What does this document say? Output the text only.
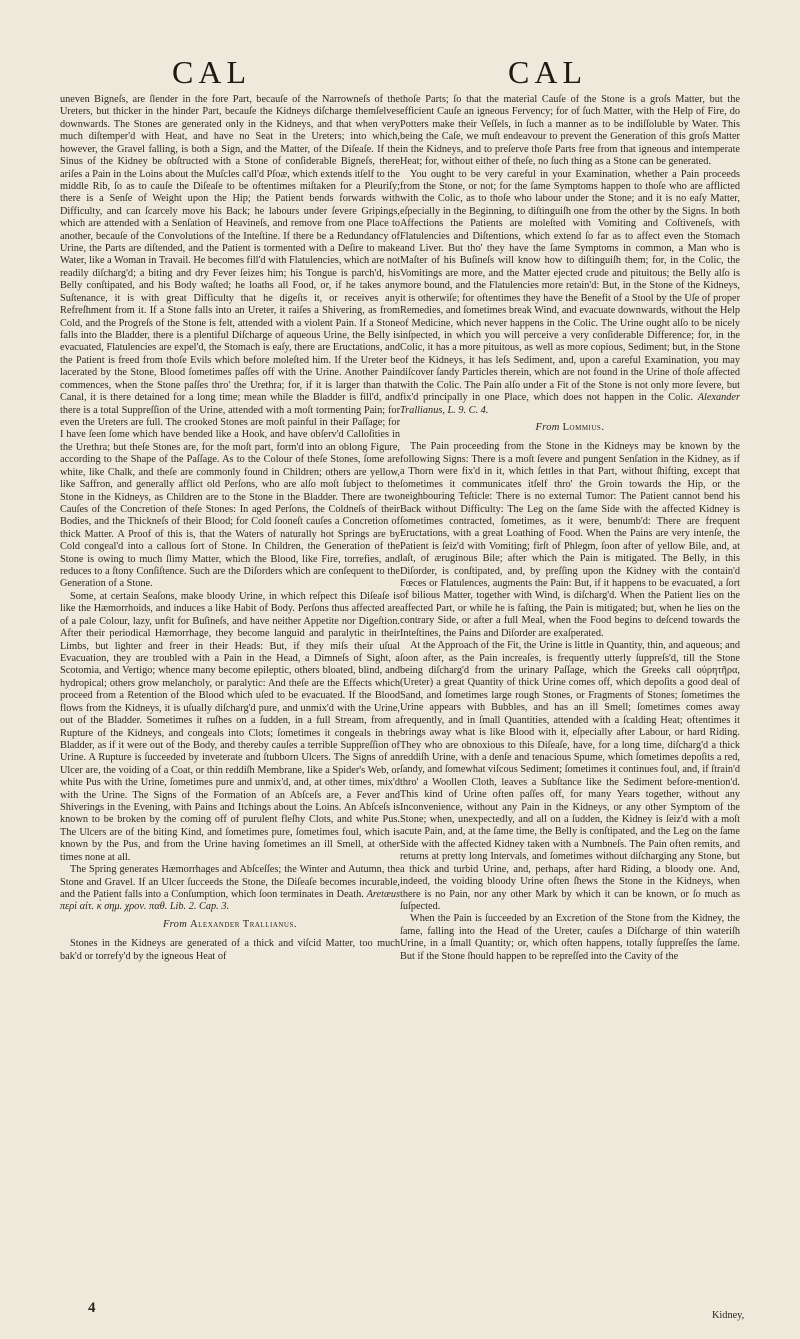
CAL	CAL

uneven Bigneſs, are ſlender in the fore Part, becauſe of the Narrowneſs of the Ureters, but thicker in the hinder Part, becauſe the Kidneys diſcharge themſelves downwards. The Stones are generated only in the Kidneys, and that when very much diſtemper'd with Heat, and have no Seat in the Ureters; into which, however, the Gravel falling, is both a Sign, and the Matter, of the Diſeaſe. If the Sinus of the Kidney be obſtructed with a Stone of conſiderable Bigneſs, there ariſes a Pain in the Loins about the Muſcles call'd Pſoæ, which extends itſelf to the middle Rib, ſo as to cauſe the Diſeaſe to be oftentimes miſtaken for a Pleuriſy; there is a Senſe of Weight upon the Hip; the Patient bends forwards with Difficulty, and can ſcarcely move his Back; he labours under ſevere Gripings, which are attended with a Senſation of Heavineſs, and remove from one Place to another, becauſe of the Convolutions of the Inteſtine. If there be a Redundancy of Urine, the Parts are diſtended, and the Patient is tormented with a Deſire to make Water, like a Woman in Travail. He becomes fill'd with Flatulencies, which are not readily diſcharg'd; a biting and dry Fever ſeizes him; his Tongue is parch'd, his Belly conſtipated, and his Body waſted; he loaths all Food, or, if he takes any Suſtenance, it is with great Difficulty that he digeſts it, or receives any Refreſhment from it. If a Stone falls into an Ureter, it raiſes a Shivering, as from Cold, and the Progreſs of the Stone is felt, attended with a violent Pain. If a Stone falls into the Bladder, there is a plentiful Diſcharge of aqueous Urine, the Belly is evacuated, Flatulencies are expel'd, the Stomach is eaſy, there are Eructations, and the Patient is freed from thoſe Evils which before moleſted him. If the Ureter be lacerated by the Stone, Blood ſometimes paſſes off with the Urine. Another Pain commences, when the Stone paſſes thro' the Urethra; for, if it is larger than that Canal, it is there detained for a long time; mean while the Bladder is fill'd, and there is a total Suppreſſion of the Urine, attended with a moſt tormenting Pain; for even the Ureters are full. The crooked Stones are moſt painful in their Paſſage; for I have ſeen ſome which have bended like a Hook, and have obſerv'd Calloſities in the Urethra; but theſe Stones are, for the moſt part, form'd into an oblong Figure, according to the Shape of the Paſſage. As to the Colour of theſe Stones, ſome are white, like Chalk, and theſe are commonly found in Children; others are yellow, like Saffron, and generally afflict old Perſons, who are alſo moſt ſubject to the Stone in the Kidneys, as Children are to the Stone in the Bladder. There are two Cauſes of the Concretion of theſe Stones: In aged Perſons, the Coldneſs of their Bodies, and the Thickneſs of their Blood; for Cold ſooneſt cauſes a Concretion of thick Matter. A Proof of this is, that the Waters of naturally hot Springs are by Cold congeal'd into a callous ſort of Stone. In Children, the Generation of the Stone is owing to much ſlimy Matter, which the Blood, like Fire, torrefies, and reduces to a ſtony Conſiſtence. Such are the Diſorders which are conſequent to the Generation of a Stone.

Some, at certain Seaſons, make bloody Urine, in which reſpect this Diſeaſe is like the Hæmorrhoids, and induces a like Habit of Body. Perſons thus affected are of a pale Colour, lazy, unfit for Buſineſs, and have neither Appetite nor Digeſtion. After their periodical Hæmorrhage, they become languid and paralytic in their Limbs, but lighter and freer in their Heads: But, if they miſs their uſual Evacuation, they are troubled with a Pain in the Head, a Dimneſs of Sight, a Scotomia, and Vertigo; whence many become epileptic, others bloated, blind, and hydropical; others grow melancholy, or paralytic: And theſe are the Effects which proceed from a Retention of the Blood which uſed to be evacuated. If the Blood flows from the Kidneys, it is uſually diſcharg'd pure, and unmix'd with the Urine, out of the Bladder. Sometimes it ruſhes on a ſudden, in a full Stream, from a Rupture of the Kidneys, and congeals into Clots; ſometimes it congeals in the Bladder, as if it were out of the Body, and thereby cauſes a terrible Suppreſſion of Urine. A Rupture is ſucceeded by inveterate and ſtubborn Ulcers. The Signs of an Ulcer are, the voiding of a Coat, or thin reddiſh Membrane, like a Spider's Web, or white Pus with the Urine, ſometimes pure and unmix'd, and, at other times, mix'd with the Urine. The Signs of the Formation of an Abſceſs are, a Fever and Shiverings in the Evening, with Pains and Itchings about the Loins. An Abſceſs is known to be broken by the coming off of purulent fleſhy Clots, and white Pus. The Ulcers are of the biting Kind, and ſometimes pure, ſometimes foul, which is known by the Pus, and from the Urine having ſometimes an ill Smell, at other times none at all.

The Spring generates Hæmorrhages and Abſceſſes; the Winter and Autumn, the Stone and Gravel. If an Ulcer ſucceeds the Stone, the Diſeaſe becomes incurable, and the Patient falls into a Conſumption, which ſoon terminates in Death. Aretæus περὶ αἰτ. κ̀ σημ. χρον. παθ. Lib. 2. Cap. 3.

From Alexander Trallianus.

Stones in the Kidneys are generated of a thick and viſcid Matter, too much bak'd or torrefy'd by the igneous Heat of

thoſe Parts; ſo that the material Cauſe of the Stone is a groſs Matter, but the efficient Cauſe an igneous Fervency; for of ſuch Matter, with the Help of Fire, do Potters make their Veſſels, in ſuch a manner as to be indiſſoluble by Water. This being the Caſe, we muſt endeavour to prevent the Generation of this groſs Matter in the Kidneys, and to preſerve thoſe Parts free from that igneous and intemperate Heat; for, without either of theſe, no ſuch thing as a Stone can be generated.

You ought to be very careful in your Examination, whether a Pain proceeds from the Stone, or not; for the ſame Symptoms happen to thoſe who are afflicted with the Colic, as to thoſe who labour under the Stone; and it is no eaſy Matter, eſpecially in the Beginning, to diſtinguiſh one from the other by the Signs. In both Affections the Patients are moleſted with Vomiting and Coſtiveneſs, with Flatulencies and Diſtentions, which extend ſo far as to affect even the Stomach and Liver. But tho' they have the ſame Symptoms in common, a Man who is Maſter of his Buſineſs will know how to diſtinguiſh them; for, in the Colic, the Vomitings are more, and the Matter ejected crude and pituitous; the Belly alſo is more bound, and the Flatulencies more retain'd: But, in the Stone of the Kidneys, it is otherwiſe; for oftentimes they have the Benefit of a Stool by the Uſe of proper Remedies, and ſometimes break Wind, and evacuate downwards, without the Help of Medicine, which never happens in the Colic. The Urine ought alſo to be nicely inſpected, in which you will perceive a very conſiderable Difference; for, in the Colic, it has a more pituitous, as well as more copious, Sediment; but, in the Stone of the Kidneys, it has leſs Sediment, and, upon a careful Examination, you may diſcover ſandy Particles therein, which are not found in the Urine of thoſe affected with the Colic. The Pain alſo under a Fit of the Stone is not only more ſevere, but fix'd principally in one Place, which does not happen in the Colic. Alexander Trallianus, L. 9. C. 4.

From Lommius.

The Pain proceeding from the Stone in the Kidneys may be known by the following Signs: There is a moſt ſevere and pungent Senſation in the Kidney, as if a Thorn were fix'd in it, which ſettles in that Part, without ſhifting, except that ſometimes it communicates itſelf thro' the Groin towards the Hip, or the neighbouring Teſticle: There is no external Tumor: The Patient cannot bend his Back without Difficulty: The Leg on the ſame Side with the affected Kidney is ſometimes contracted, ſometimes, as it were, benumb'd: There are frequent Eructations, with a great Loathing of Food. When the Pains are very intenſe, the Patient is ſeiz'd with Vomiting; firſt of Phlegm, ſoon after of yellow Bile, and, at laſt, of æruginous Bile; after which the Pain is mitigated. The Belly, in this Diſorder, is conſtipated, and, by preſſing upon the Kidney with the contain'd Fœces or Flatulences, augments the Pain: But, if it happens to be evacuated, a ſort of bilious Matter, together with Wind, is diſcharg'd. When the Patient lies on the affected Part, or while he is faſting, the Pain is mitigated; but, when he lies on the contrary Side, or after a full Meal, when the Food begins to deſcend towards the Inteſtines, the Pains and Diſorder are exaſperated.

At the Approach of the Fit, the Urine is little in Quantity, thin, and aqueous; and ſoon after, as the Pain increaſes, is frequently utterly ſuppreſs'd, till the Stone being diſcharg'd from the urinary Paſſage, which the Greeks call οὐρητῆρα, (Ureter) a great Quantity of thick Urine comes off, which depoſits a good deal of Sand, and ſometimes large rough Stones, or Fragments of Stones; ſometimes the Urine appears with Bubbles, and has an ill Smell; ſometimes comes away frequently, and in ſmall Quantities, attended with a ſcalding Heat; oftentimes it brings away what is like Blood with it, eſpecially after Labour, or hard Riding. They who are obnoxious to this Diſeaſe, have, for a long time, diſcharg'd a thick reddiſh Urine, with a denſe and tenacious Spume, which ſometimes depoſits a red, ſandy, and ſomewhat viſcous Sediment; ſometimes it continues foul, and, if ſtrain'd thro' a Woollen Cloth, leaves a Subſtance like the Sediment before-mention'd. This kind of Urine often paſſes off, for many Years together, without any Inconvenience, without any Pain in the Kidneys, or any other Symptom of the Stone; when, unexpectedly, and all on a ſudden, the Kidney is ſeiz'd with a moſt acute Pain, and, at the ſame time, the Belly is conſtipated, and the Leg on the ſame Side with the affected Kidney taken with a Numbneſs. The Pain often remits, and returns at pretty long Intervals, and ſometimes without diſcharging any Stone, but a thick and turbid Urine, and, perhaps, after hard Riding, a bloody one. And, indeed, the voiding bloody Urine often ſhews the Stone in the Kidneys, when there is no Pain, nor any other Mark by which it can be known, or ſo much as ſuſpected.

When the Pain is ſucceeded by an Excretion of the Stone from the Kidney, the ſame, falling into the Head of the Ureter, cauſes a Diſcharge of thin wateriſh Urine, in a ſmall Quantity; or, which often happens, totally ſuppreſſes the ſame. But if the Stone ſhould happen to be repreſſed into the Cavity of the

Kidney,

4
